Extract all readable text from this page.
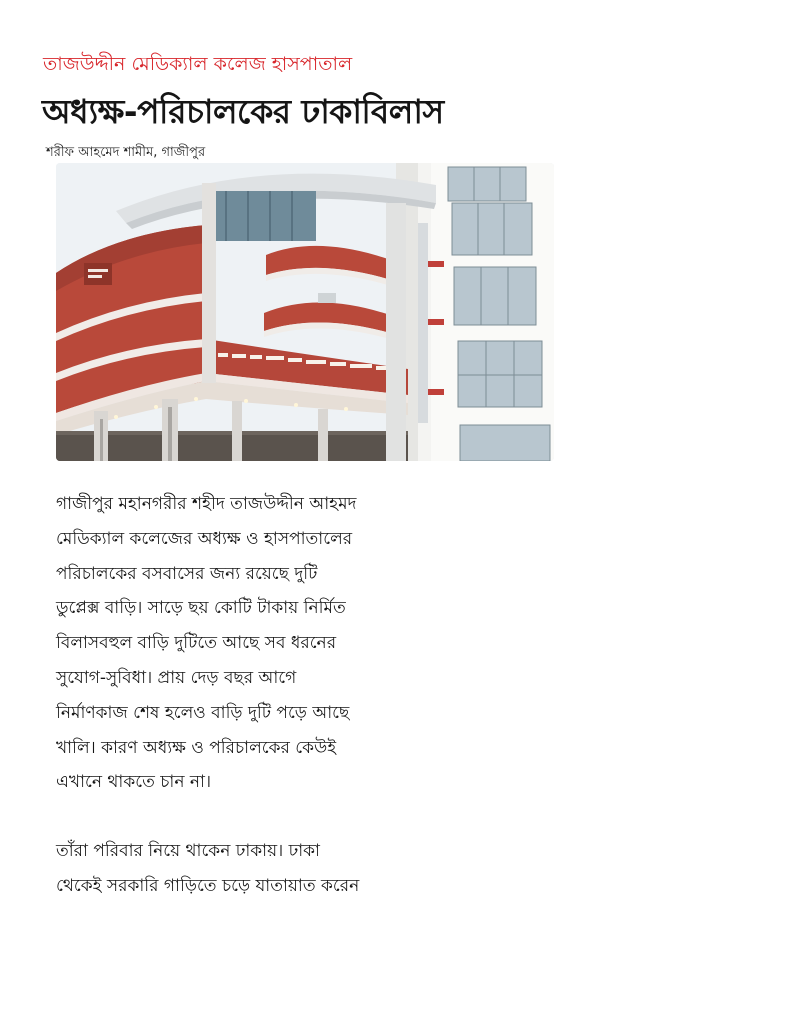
তাজউদ্দীন মেডিক্যাল কলেজ হাসপাতাল
অধ্যক্ষ-পরিচালকের ঢাকাবিলাস
শরীফ আহমেদ শামীম, গাজীপুর

গাজীপুর মহানগরীর শহীদ তাজউদ্দীন আহমদ
মেডিক্যাল কলেজের অধ্যক্ষ ও হাসপাতালের
পরিচালকের বসবাসের জন্য রয়েছে দুটি
ডুপ্লেক্স বাড়ি। সাড়ে ছয় কোটি টাকায় নির্মিত
বিলাসবহুল বাড়ি দুটিতে আছে সব ধরনের
সুযোগ-সুবিধা। প্রায় দেড় বছর আগে
নির্মাণকাজ শেষ হলেও বাড়ি দুটি পড়ে আছে
খালি। কারণ অধ্যক্ষ ও পরিচালকের কেউই
এখানে থাকতে চান না।

তাঁরা পরিবার নিয়ে থাকেন ঢাকায়। ঢাকা
থেকেই সরকারি গাড়িতে চড়ে যাতায়াত করেন
